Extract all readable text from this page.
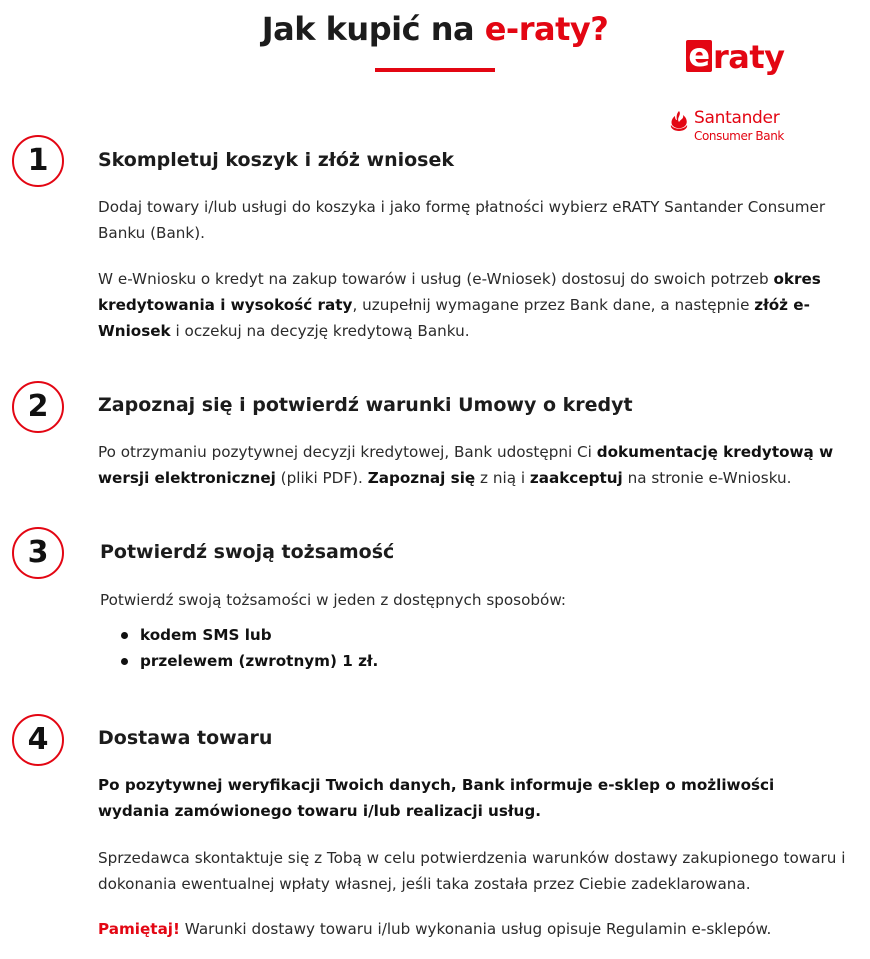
Jak kupić na e-raty?
e raty
Santander
Consumer Bank
1	Skompletuj koszyk i złóż wniosek

Dodaj towary i/lub usługi do koszyka i jako formę płatności wybierz eRATY Santander Consumer Banku (Bank).

W e-Wniosku o kredyt na zakup towarów i usług (e-Wniosek) dostosuj do swoich potrzeb okres kredytowania i wysokość raty, uzupełnij wymagane przez Bank dane, a następnie złóż e-Wniosek i oczekuj na decyzję kredytową Banku.

2	Zapoznaj się i potwierdź warunki Umowy o kredyt

Po otrzymaniu pozytywnej decyzji kredytowej, Bank udostępni Ci dokumentację kredytową w wersji elektronicznej (pliki PDF). Zapoznaj się z nią i zaakceptuj na stronie e-Wniosku.

3	Potwierdź swoją tożsamość

Potwierdź swoją tożsamości w jeden z dostępnych sposobów:

kodem SMS lub
przelewem (zwrotnym) 1 zł.
4	Dostawa towaru

Po pozytywnej weryfikacji Twoich danych, Bank informuje e-sklep o możliwości wydania zamówionego towaru i/lub realizacji usług.

Sprzedawca skontaktuje się z Tobą w celu potwierdzenia warunków dostawy zakupionego towaru i dokonania ewentualnej wpłaty własnej, jeśli taka została przez Ciebie zadeklarowana.

Pamiętaj! Warunki dostawy towaru i/lub wykonania usług opisuje Regulamin e-sklepów.
